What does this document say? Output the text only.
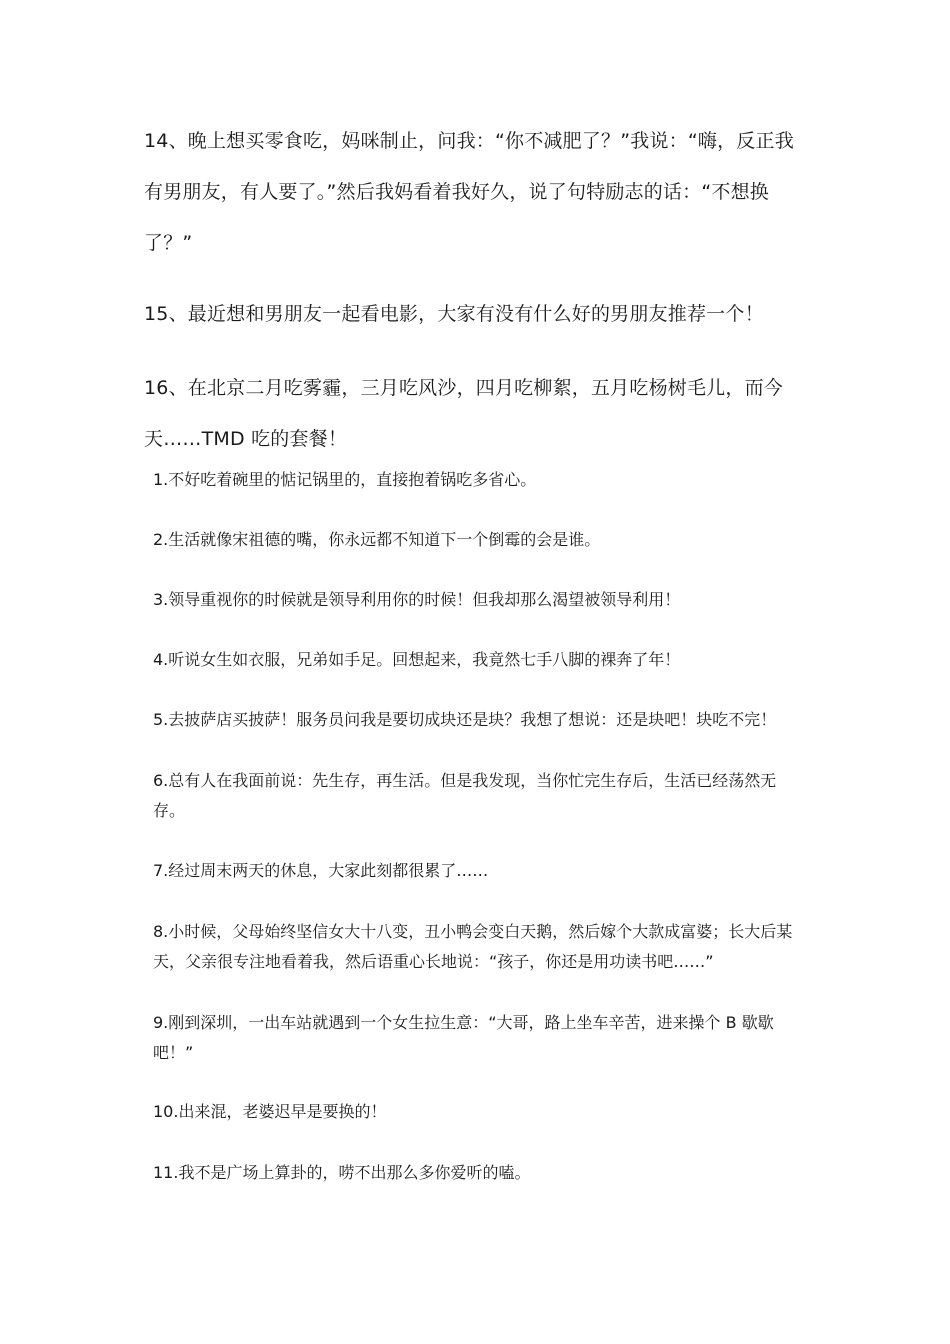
14、晚上想买零食吃，妈咪制止，问我：“你不减肥了？”我说：“嗨，反正我有男朋友，有人要了。”然后我妈看着我好久，说了句特励志的话：“不想换了？”

15、最近想和男朋友一起看电影，大家有没有什么好的男朋友推荐一个！

16、在北京二月吃雾霾，三月吃风沙，四月吃柳絮，五月吃杨树毛儿，而今天……TMD 吃的套餐！

1.不好吃着碗里的惦记锅里的，直接抱着锅吃多省心。

2.生活就像宋祖德的嘴，你永远都不知道下一个倒霉的会是谁。

3.领导重视你的时候就是领导利用你的时候！但我却那么渴望被领导利用！

4.听说女生如衣服，兄弟如手足。回想起来，我竟然七手八脚的裸奔了年！

5.去披萨店买披萨！服务员问我是要切成块还是块？我想了想说：还是块吧！块吃不完！

6.总有人在我面前说：先生存，再生活。但是我发现，当你忙完生存后，生活已经荡然无存。

7.经过周末两天的休息，大家此刻都很累了……

8.小时候，父母始终坚信女大十八变，丑小鸭会变白天鹅，然后嫁个大款成富婆；长大后某天，父亲很专注地看着我，然后语重心长地说：“孩子，你还是用功读书吧……”

9.刚到深圳，一出车站就遇到一个女生拉生意：“大哥，路上坐车辛苦，进来操个 B 歇歇吧！”

10.出来混，老婆迟早是要换的！

11.我不是广场上算卦的，唠不出那么多你爱听的嗑。
